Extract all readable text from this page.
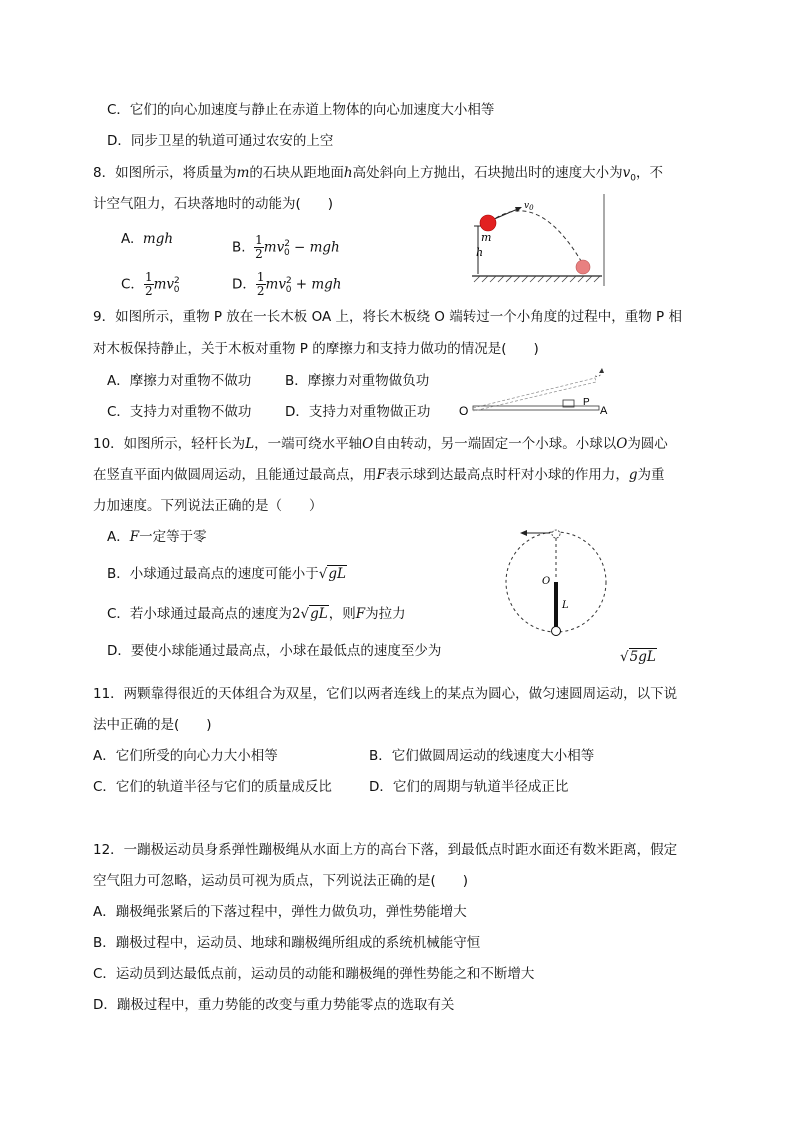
C．它们的向心加速度与静止在赤道上物体的向心加速度大小相等
D．同步卫星的轨道可通过农安的上空
8．如图所示，将质量为m的石块从距地面h高处斜向上方抛出，石块抛出时的速度大小为$v_0$，不
计空气阻力，石块落地时的动能为(　　)
A. mgh
B. $\frac{1}{2} mv^2_0$ − mgh
C． $\frac{1}{2} mv^2_0$	D． $\frac{1}{2} mv^2_0$ + mgh
h
$v_0$
m
9．如图所示，重物 P 放在一长木板 OA 上，将长木板绕 O 端转过一个小角度的过程中，重物 P 相
对木板保持静止，关于木板对重物 P 的摩擦力和支持力做功的情况是(　　)
A．摩擦力对重物不做功	B．摩擦力对重物做负功
C．支持力对重物不做功 D．支持力对重物做正功 O
P
A
10．如图所示，轻杆长为L，一端可绕水平轴O自由转动，另一端固定一个小球。小球以O为圆心
在竖直平面内做圆周运动，且能通过最高点，用F表示球到达最高点时杆对小球的作用力，g为重
力加速度。下列说法正确的是（　　）
A．F一定等于零
B．小球通过最高点的速度可能小于√gL
C．若小球通过最高点的速度为2√gL，则F为拉力
D．要使小球能通过最高点，小球在最低点的速度至少为	√5gL
O
L
11．两颗靠得很近的天体组合为双星，它们以两者连线上的某点为圆心，做匀速圆周运动，以下说
法中正确的是(　　)
A．它们所受的向心力大小相等	B．它们做圆周运动的线速度大小相等
C．它们的轨道半径与它们的质量成反比	D．它们的周期与轨道半径成正比
12．一蹦极运动员身系弹性蹦极绳从水面上方的高台下落，到最低点时距水面还有数米距离，假定
空气阻力可忽略，运动员可视为质点，下列说法正确的是(　　)
A．蹦极绳张紧后的下落过程中，弹性力做负功，弹性势能增大
B．蹦极过程中，运动员、地球和蹦极绳所组成的系统机械能守恒
C．运动员到达最低点前，运动员的动能和蹦极绳的弹性势能之和不断增大
D．蹦极过程中，重力势能的改变与重力势能零点的选取有关
